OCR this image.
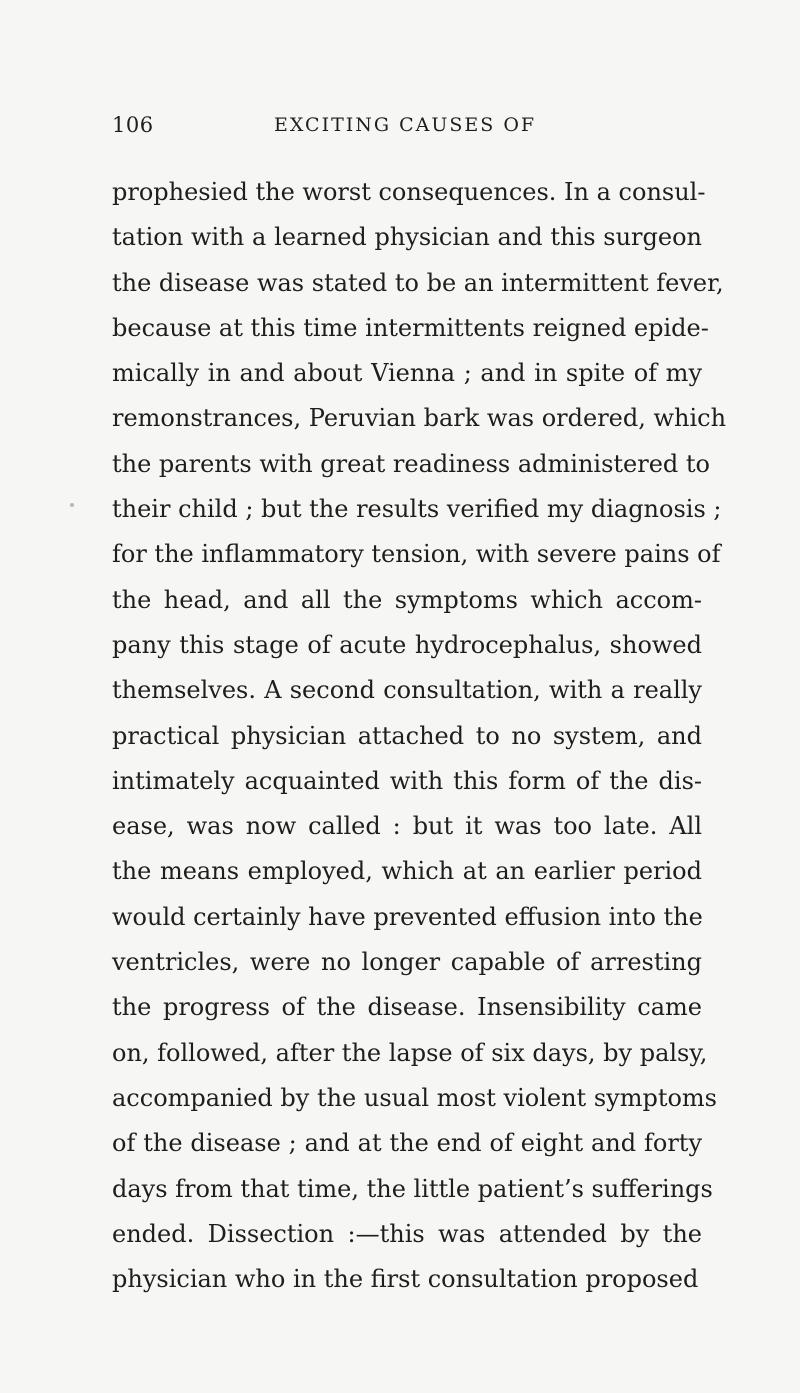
106	EXCITING CAUSES OF
prophesied the worst consequences. In a consul-
tation with a learned physician and this surgeon
the disease was stated to be an intermittent fever,
because at this time intermittents reigned epide-
mically in and about Vienna ; and in spite of my
remonstrances, Peruvian bark was ordered, which
the parents with great readiness administered to
their child ; but the results verified my diagnosis ;
for the inflammatory tension, with severe pains of
the head, and all the symptoms which accom-
pany this stage of acute hydrocephalus, showed
themselves. A second consultation, with a really
practical physician attached to no system, and
intimately acquainted with this form of the dis-
ease, was now called : but it was too late. All
the means employed, which at an earlier period
would certainly have prevented effusion into the
ventricles, were no longer capable of arresting
the progress of the disease. Insensibility came
on, followed, after the lapse of six days, by palsy,
accompanied by the usual most violent symptoms
of the disease ; and at the end of eight and forty
days from that time, the little patient’s sufferings
ended. Dissection :—this was attended by the
physician who in the first consultation proposed
